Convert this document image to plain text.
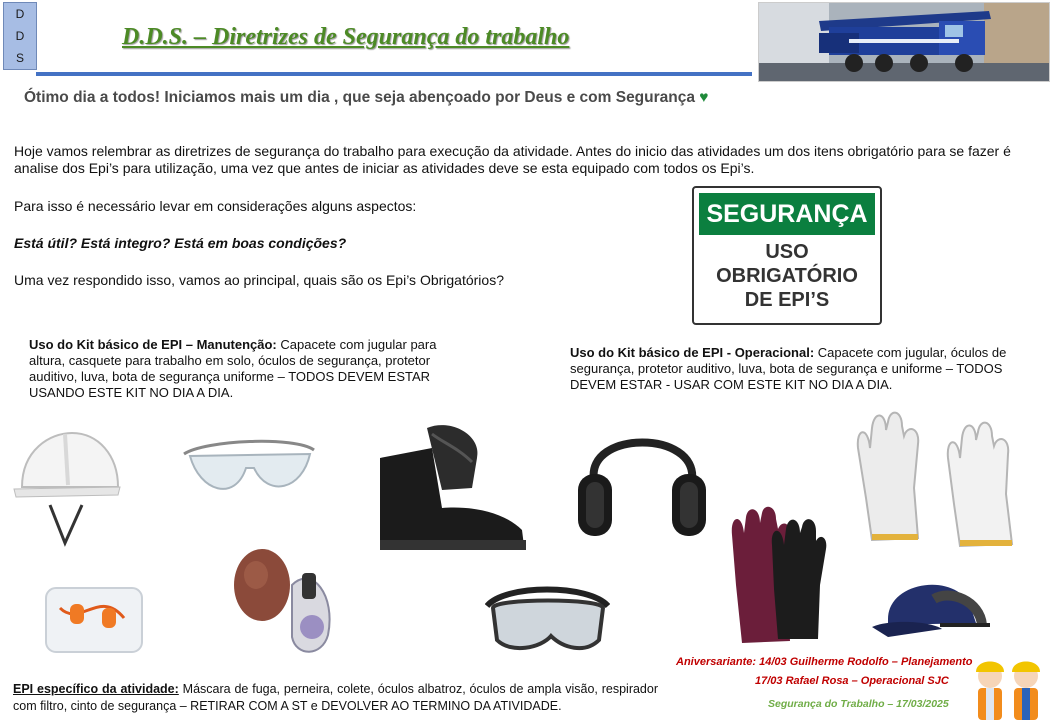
D
D
S
D.D.S. – Diretrizes de Segurança do trabalho
Ótimo dia a todos! Iniciamos mais um dia , que seja abençoado por Deus e com Segurança ♥
Hoje vamos relembrar as diretrizes de segurança do trabalho para execução da atividade. Antes do inicio das atividades um dos itens obrigatório para se fazer é analise dos Epi’s para utilização, uma vez que antes de iniciar as atividades deve se esta equipado com todos os Epi’s.
Para isso é necessário levar em considerações alguns aspectos:
Está útil? Está integro? Está em boas condições?
Uma vez respondido isso, vamos ao principal, quais são os Epi’s Obrigatórios?
SEGURANÇA
USO
OBRIGATÓRIO
DE EPI’S
Uso do Kit básico de EPI – Manutenção: Capacete com jugular para altura, casquete para trabalho em solo, óculos de segurança, protetor auditivo, luva, bota de segurança uniforme – TODOS DEVEM ESTAR USANDO ESTE KIT NO DIA A DIA.
Uso do Kit básico de EPI - Operacional: Capacete com jugular, óculos de segurança, protetor auditivo, luva, bota de segurança e uniforme – TODOS DEVEM ESTAR - USAR COM ESTE KIT NO DIA A DIA.
EPI específico da atividade: Máscara de fuga, perneira, colete, óculos albatroz, óculos de ampla visão, respirador com filtro, cinto de segurança – RETIRAR COM A ST e DEVOLVER AO TERMINO DA ATIVIDADE.
Aniversariante: 14/03 Guilherme Rodolfo – Planejamento
17/03 Rafael Rosa – Operacional SJC
Segurança do Trabalho – 17/03/2025
